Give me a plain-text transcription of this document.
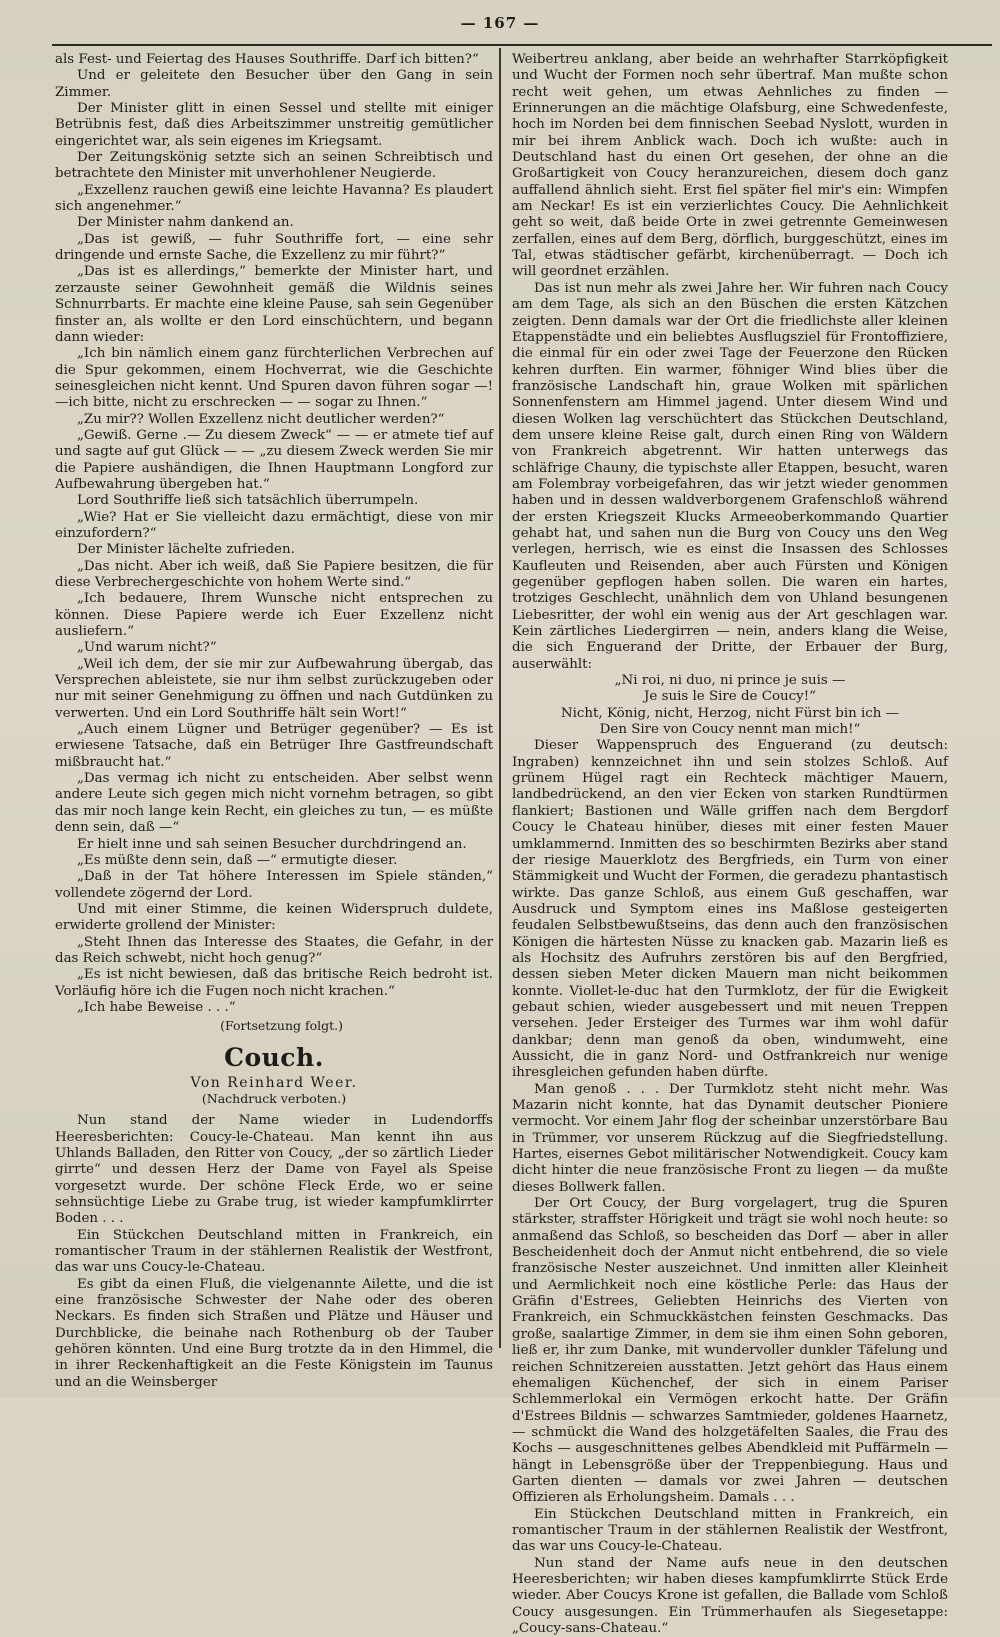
— 167 —

als Fest- und Feiertag des Hauses Southriffe. Darf ich bitten?“

Und er geleitete den Besucher über den Gang in sein Zimmer.

Der Minister glitt in einen Sessel und stellte mit einiger Betrübnis fest, daß dies Arbeitszimmer unstreitig gemütlicher eingerichtet war, als sein eigenes im Kriegsamt.

Der Zeitungskönig setzte sich an seinen Schreibtisch und betrachtete den Minister mit unverhohlener Neugierde.

„Exzellenz rauchen gewiß eine leichte Havanna? Es plaudert sich angenehmer.“

Der Minister nahm dankend an.

„Das ist gewiß, — fuhr Southriffe fort, — eine sehr dringende und ernste Sache, die Exzellenz zu mir führt?“

„Das ist es allerdings,“ bemerkte der Minister hart, und zerzauste seiner Gewohnheit gemäß die Wildnis seines Schnurrbarts. Er machte eine kleine Pause, sah sein Gegenüber finster an, als wollte er den Lord einschüchtern, und begann dann wieder:

„Ich bin nämlich einem ganz fürchterlichen Verbrechen auf die Spur gekommen, einem Hochverrat, wie die Geschichte seinesgleichen nicht kennt. Und Spuren davon führen sogar —! —ich bitte, nicht zu erschrecken — — sogar zu Ihnen.“

„Zu mir?? Wollen Exzellenz nicht deutlicher werden?“

„Gewiß. Gerne .— Zu diesem Zweck“ — — er atmete tief auf und sagte auf gut Glück — — „zu diesem Zweck werden Sie mir die Papiere aushändigen, die Ihnen Hauptmann Longford zur Aufbewahrung übergeben hat.“

Lord Southriffe ließ sich tatsächlich überrumpeln.

„Wie? Hat er Sie vielleicht dazu ermächtigt, diese von mir einzufordern?“

Der Minister lächelte zufrieden.

„Das nicht. Aber ich weiß, daß Sie Papiere besitzen, die für diese Verbrechergeschichte von hohem Werte sind.“

„Ich bedauere, Ihrem Wunsche nicht entsprechen zu können. Diese Papiere werde ich Euer Exzellenz nicht ausliefern.“

„Und warum nicht?“

„Weil ich dem, der sie mir zur Aufbewahrung übergab, das Versprechen ableistete, sie nur ihm selbst zurückzugeben oder nur mit seiner Genehmigung zu öffnen und nach Gutdünken zu verwerten. Und ein Lord Southriffe hält sein Wort!“

„Auch einem Lügner und Betrüger gegenüber? — Es ist erwiesene Tatsache, daß ein Betrüger Ihre Gastfreundschaft mißbraucht hat.“

„Das vermag ich nicht zu entscheiden. Aber selbst wenn andere Leute sich gegen mich nicht vornehm betragen, so gibt das mir noch lange kein Recht, ein gleiches zu tun, — es müßte denn sein, daß —“

Er hielt inne und sah seinen Besucher durchdringend an.

„Es müßte denn sein, daß —“ ermutigte dieser.

„Daß in der Tat höhere Interessen im Spiele ständen,“ vollendete zögernd der Lord.

Und mit einer Stimme, die keinen Widerspruch duldete, erwiderte grollend der Minister:

„Steht Ihnen das Interesse des Staates, die Gefahr, in der das Reich schwebt, nicht hoch genug?“

„Es ist nicht bewiesen, daß das britische Reich bedroht ist. Vorläufig höre ich die Fugen noch nicht krachen.“

„Ich habe Beweise . . .“

(Fortsetzung folgt.)

Couch.
Von Reinhard Weer.
(Nachdruck verboten.)

Nun stand der Name wieder in Ludendorffs Heeresberichten: Coucy-le-Chateau. Man kennt ihn aus Uhlands Balladen, den Ritter von Coucy, „der so zärtlich Lieder girrte“ und dessen Herz der Dame von Fayel als Speise vorgesetzt wurde. Der schöne Fleck Erde, wo er seine sehnsüchtige Liebe zu Grabe trug, ist wieder kampfumklirrter Boden . . .

Ein Stückchen Deutschland mitten in Frankreich, ein romantischer Traum in der stählernen Realistik der Westfront, das war uns Coucy-le-Chateau.

Es gibt da einen Fluß, die vielgenannte Ailette, und die ist eine französische Schwester der Nahe oder des oberen Neckars. Es finden sich Straßen und Plätze und Häuser und Durchblicke, die beinahe nach Rothenburg ob der Tauber gehören könnten. Und eine Burg trotzte da in den Himmel, die in ihrer Reckenhaftigkeit an die Feste Königstein im Taunus und an die Weinsberger

Weibertreu anklang, aber beide an wehrhafter Starrköpfigkeit und Wucht der Formen noch sehr übertraf. Man mußte schon recht weit gehen, um etwas Aehnliches zu finden — Erinnerungen an die mächtige Olafsburg, eine Schwedenfeste, hoch im Norden bei dem finnischen Seebad Nyslott, wurden in mir bei ihrem Anblick wach. Doch ich wußte: auch in Deutschland hast du einen Ort gesehen, der ohne an die Großartigkeit von Coucy heranzureichen, diesem doch ganz auffallend ähnlich sieht. Erst fiel später fiel mir's ein: Wimpfen am Neckar! Es ist ein verzierlichtes Coucy. Die Aehnlichkeit geht so weit, daß beide Orte in zwei getrennte Gemeinwesen zerfallen, eines auf dem Berg, dörflich, burggeschützt, eines im Tal, etwas städtischer gefärbt, kirchenüberragt. — Doch ich will geordnet erzählen.

Das ist nun mehr als zwei Jahre her. Wir fuhren nach Coucy am dem Tage, als sich an den Büschen die ersten Kätzchen zeigten. Denn damals war der Ort die friedlichste aller kleinen Etappenstädte und ein beliebtes Ausflugsziel für Frontoffiziere, die einmal für ein oder zwei Tage der Feuerzone den Rücken kehren durften. Ein warmer, föhniger Wind blies über die französische Landschaft hin, graue Wolken mit spärlichen Sonnenfenstern am Himmel jagend. Unter diesem Wind und diesen Wolken lag verschüchtert das Stückchen Deutschland, dem unsere kleine Reise galt, durch einen Ring von Wäldern von Frankreich abgetrennt. Wir hatten unterwegs das schläfrige Chauny, die typischste aller Etappen, besucht, waren am Folembray vorbeigefahren, das wir jetzt wieder genommen haben und in dessen waldverborgenem Grafenschloß während der ersten Kriegszeit Klucks Armeeoberkommando Quartier gehabt hat, und sahen nun die Burg von Coucy uns den Weg verlegen, herrisch, wie es einst die Insassen des Schlosses Kaufleuten und Reisenden, aber auch Fürsten und Königen gegenüber gepflogen haben sollen. Die waren ein hartes, trotziges Geschlecht, unähnlich dem von Uhland besungenen Liebesritter, der wohl ein wenig aus der Art geschlagen war. Kein zärtliches Liedergirren — nein, anders klang die Weise, die sich Enguerand der Dritte, der Erbauer der Burg, auserwählt:

„Ni roi, ni duo, ni prince je suis —

Je suis le Sire de Coucy!“

Nicht, König, nicht, Herzog, nicht Fürst bin ich —

Den Sire von Coucy nennt man mich!“

Dieser Wappenspruch des Enguerand (zu deutsch: Ingraben) kennzeichnet ihn und sein stolzes Schloß. Auf grünem Hügel ragt ein Rechteck mächtiger Mauern, landbedrückend, an den vier Ecken von starken Rundtürmen flankiert; Bastionen und Wälle griffen nach dem Bergdorf Coucy le Chateau hinüber, dieses mit einer festen Mauer umklammernd. Inmitten des so beschirmten Bezirks aber stand der riesige Mauerklotz des Bergfrieds, ein Turm von einer Stämmigkeit und Wucht der Formen, die geradezu phantastisch wirkte. Das ganze Schloß, aus einem Guß geschaffen, war Ausdruck und Symptom eines ins Maßlose gesteigerten feudalen Selbstbewußtseins, das denn auch den französischen Königen die härtesten Nüsse zu knacken gab. Mazarin ließ es als Hochsitz des Aufruhrs zerstören bis auf den Bergfried, dessen sieben Meter dicken Mauern man nicht beikommen konnte. Viollet-le-duc hat den Turmklotz, der für die Ewigkeit gebaut schien, wieder ausgebessert und mit neuen Treppen versehen. Jeder Ersteiger des Turmes war ihm wohl dafür dankbar; denn man genoß da oben, windumweht, eine Aussicht, die in ganz Nord- und Ostfrankreich nur wenige ihresgleichen gefunden haben dürfte.

Man genoß . . . Der Turmklotz steht nicht mehr. Was Mazarin nicht konnte, hat das Dynamit deutscher Pioniere vermocht. Vor einem Jahr flog der scheinbar unzerstörbare Bau in Trümmer, vor unserem Rückzug auf die Siegfriedstellung. Hartes, eisernes Gebot militärischer Notwendigkeit. Coucy kam dicht hinter die neue französische Front zu liegen — da mußte dieses Bollwerk fallen.

Der Ort Coucy, der Burg vorgelagert, trug die Spuren stärkster, straffster Hörigkeit und trägt sie wohl noch heute: so anmaßend das Schloß, so bescheiden das Dorf — aber in aller Bescheidenheit doch der Anmut nicht entbehrend, die so viele französische Nester auszeichnet. Und inmitten aller Kleinheit und Aermlichkeit noch eine köstliche Perle: das Haus der Gräfin d'Estrees, Geliebten Heinrichs des Vierten von Frankreich, ein Schmuckkästchen feinsten Geschmacks. Das große, saalartige Zimmer, in dem sie ihm einen Sohn geboren, ließ er, ihr zum Danke, mit wundervoller dunkler Täfelung und reichen Schnitzereien ausstatten. Jetzt gehört das Haus einem ehemaligen Küchenchef, der sich in einem Pariser Schlemmerlokal ein Vermögen erkocht hatte. Der Gräfin d'Estrees Bildnis — schwarzes Samtmieder, goldenes Haarnetz, — schmückt die Wand des holzgetäfelten Saales, die Frau des Kochs — ausgeschnittenes gelbes Abendkleid mit Puffärmeln — hängt in Lebensgröße über der Treppenbiegung. Haus und Garten dienten — damals vor zwei Jahren — deutschen Offizieren als Erholungsheim. Damals . . .

Ein Stückchen Deutschland mitten in Frankreich, ein romantischer Traum in der stählernen Realistik der Westfront, das war uns Coucy-le-Chateau.

Nun stand der Name aufs neue in den deutschen Heeresberichten; wir haben dieses kampfumklirrte Stück Erde wieder. Aber Coucys Krone ist gefallen, die Ballade vom Schloß Coucy ausgesungen. Ein Trümmerhaufen als Siegesetappe: „Coucy-sans-Chateau.“
